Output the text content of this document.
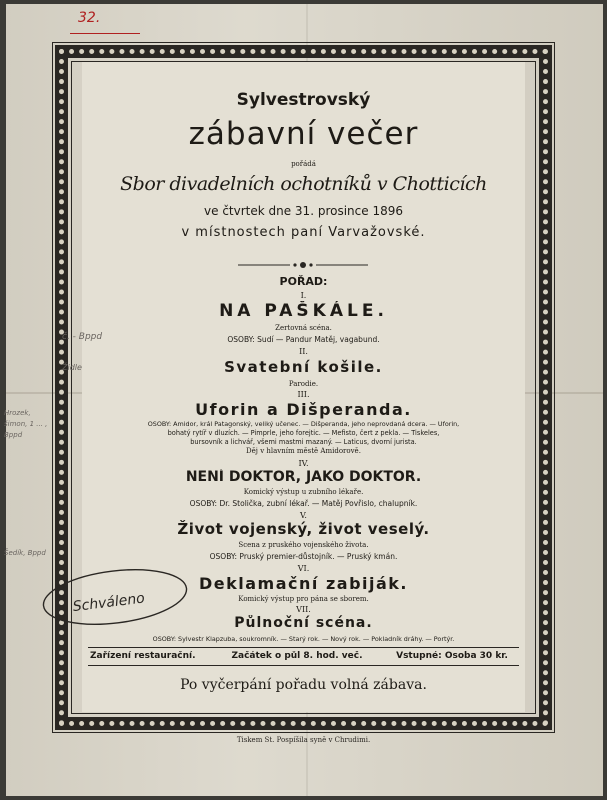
32.
Sylvestrovský
zábavní večer
pořádá
Sbor divadelních ochotníků v Chotticích
ve čtvrtek dne 31. prosince 1896
v místnostech paní Varvažovské.
POŘAD:
I.
NA PAŠKÁLE.
Žertovná scéna.
OSOBY: Sudí — Pandur Matěj, vagabund.
II.
Svatební košile.
Parodie.
III.
Uforin a Dišperanda.
OSOBY: Amidor, král Patagonský, veliký učenec. — Dišperanda, jeho neprovdaná dcera. — Uforin,
bohatý rytíř v dluzích. — Pimprle, jeho forejtic. — Mefisto, čert z pekla. — Tiskeles,
bursovník a lichvář, všemi mastmi mazaný. — Laticus, dvorní jurista.
Děj v hlavním městě Amidorově.
IV.
NENÍ DOKTOR, JAKO DOKTOR.
Komický výstup u zubního lékaře.
OSOBY: Dr. Stolička, zubní lékař. — Matěj Povřislo, chalupník.
V.
Život vojenský, život veselý.
Scena z pruského vojenského života.
OSOBY: Pruský premier-důstojník. — Pruský kmán.
VI.
Deklamační zabiják.
Komický výstup pro pána se sborem.
VII.
Půlnoční scéna.
OSOBY: Sylvestr Klapzuba, soukromník. — Starý rok. — Nový rok. — Pokladník dráhy. — Portýr.
Zařízení restaurační.	Začátek o půl 8. hod. več.	Vstupné: Osoba 30 kr.
Po vyčerpání pořadu volná zábava.
Tiskem St. Pospíšila syně v Chrudimi.
č. - Bppd
Židle
Hrozek, šimon, 1 ... , Bppd
Šedík, Bppd
Schváleno
